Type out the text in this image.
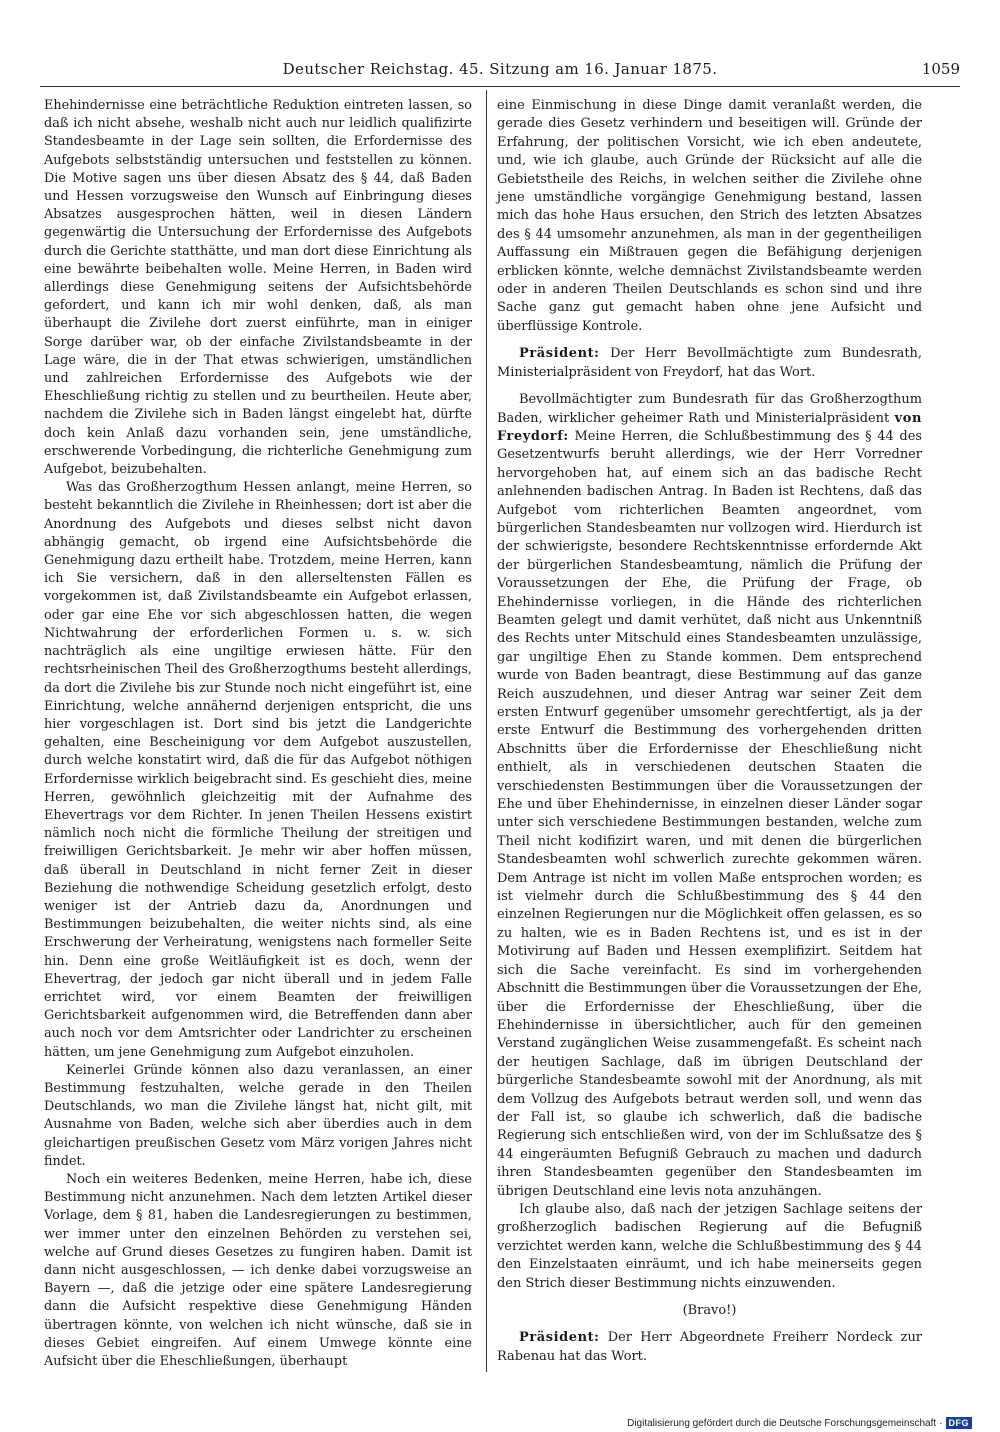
Deutscher Reichstag. 45. Sitzung am 16. Januar 1875.	1059

Ehehindernisse eine beträchtliche Reduktion eintreten lassen, so daß ich nicht absehe, weshalb nicht auch nur leidlich qualifizirte Standesbeamte in der Lage sein sollten, die Erfordernisse des Aufgebots selbstständig untersuchen und feststellen zu können. Die Motive sagen uns über diesen Absatz des § 44, daß Baden und Hessen vorzugsweise den Wunsch auf Einbringung dieses Absatzes ausgesprochen hätten, weil in diesen Ländern gegenwärtig die Untersuchung der Erfordernisse des Aufgebots durch die Gerichte statthätte, und man dort diese Einrichtung als eine bewährte beibehalten wolle. Meine Herren, in Baden wird allerdings diese Genehmigung seitens der Aufsichtsbehörde gefordert, und kann ich mir wohl denken, daß, als man überhaupt die Zivilehe dort zuerst einführte, man in einiger Sorge darüber war, ob der einfache Zivilstandsbeamte in der Lage wäre, die in der That etwas schwierigen, umständlichen und zahlreichen Erfordernisse des Aufgebots wie der Eheschließung richtig zu stellen und zu beurtheilen. Heute aber, nachdem die Zivilehe sich in Baden längst eingelebt hat, dürfte doch kein Anlaß dazu vorhanden sein, jene umständliche, erschwerende Vorbedingung, die richterliche Genehmigung zum Aufgebot, beizubehalten.

Was das Großherzogthum Hessen anlangt, meine Herren, so besteht bekanntlich die Zivilehe in Rheinhessen; dort ist aber die Anordnung des Aufgebots und dieses selbst nicht davon abhängig gemacht, ob irgend eine Aufsichtsbehörde die Genehmigung dazu ertheilt habe. Trotzdem, meine Herren, kann ich Sie versichern, daß in den allerseltensten Fällen es vorgekommen ist, daß Zivilstandsbeamte ein Aufgebot erlassen, oder gar eine Ehe vor sich abgeschlossen hatten, die wegen Nichtwahrung der erforderlichen Formen u. s. w. sich nachträglich als eine ungiltige erwiesen hätte. Für den rechtsrheinischen Theil des Großherzogthums besteht allerdings, da dort die Zivilehe bis zur Stunde noch nicht eingeführt ist, eine Einrichtung, welche annähernd derjenigen entspricht, die uns hier vorgeschlagen ist. Dort sind bis jetzt die Landgerichte gehalten, eine Bescheinigung vor dem Aufgebot auszustellen, durch welche konstatirt wird, daß die für das Aufgebot nöthigen Erfordernisse wirklich beigebracht sind. Es geschieht dies, meine Herren, gewöhnlich gleichzeitig mit der Aufnahme des Ehevertrags vor dem Richter. In jenen Theilen Hessens existirt nämlich noch nicht die förmliche Theilung der streitigen und freiwilligen Gerichtsbarkeit. Je mehr wir aber hoffen müssen, daß überall in Deutschland in nicht ferner Zeit in dieser Beziehung die nothwendige Scheidung gesetzlich erfolgt, desto weniger ist der Antrieb dazu da, Anordnungen und Bestimmungen beizubehalten, die weiter nichts sind, als eine Erschwerung der Verheiratung, wenigstens nach formeller Seite hin. Denn eine große Weitläufigkeit ist es doch, wenn der Ehevertrag, der jedoch gar nicht überall und in jedem Falle errichtet wird, vor einem Beamten der freiwilligen Gerichtsbarkeit aufgenommen wird, die Betreffenden dann aber auch noch vor dem Amtsrichter oder Landrichter zu erscheinen hätten, um jene Genehmigung zum Aufgebot einzuholen.

Keinerlei Gründe können also dazu veranlassen, an einer Bestimmung festzuhalten, welche gerade in den Theilen Deutschlands, wo man die Zivilehe längst hat, nicht gilt, mit Ausnahme von Baden, welche sich aber überdies auch in dem gleichartigen preußischen Gesetz vom März vorigen Jahres nicht findet.

Noch ein weiteres Bedenken, meine Herren, habe ich, diese Bestimmung nicht anzunehmen. Nach dem letzten Artikel dieser Vorlage, dem § 81, haben die Landesregierungen zu bestimmen, wer immer unter den einzelnen Behörden zu verstehen sei, welche auf Grund dieses Gesetzes zu fungiren haben. Damit ist dann nicht ausgeschlossen, — ich denke dabei vorzugsweise an Bayern —, daß die jetzige oder eine spätere Landesregierung dann die Aufsicht respektive diese Genehmigung Händen übertragen könnte, von welchen ich nicht wünsche, daß sie in dieses Gebiet eingreifen. Auf einem Umwege könnte eine Aufsicht über die Eheschließungen, überhaupt

eine Einmischung in diese Dinge damit veranlaßt werden, die gerade dies Gesetz verhindern und beseitigen will. Gründe der Erfahrung, der politischen Vorsicht, wie ich eben andeutete, und, wie ich glaube, auch Gründe der Rücksicht auf alle die Gebietstheile des Reichs, in welchen seither die Zivilehe ohne jene umständliche vorgängige Genehmigung bestand, lassen mich das hohe Haus ersuchen, den Strich des letzten Absatzes des § 44 umsomehr anzunehmen, als man in der gegentheiligen Auffassung ein Mißtrauen gegen die Befähigung derjenigen erblicken könnte, welche demnächst Zivilstandsbeamte werden oder in anderen Theilen Deutschlands es schon sind und ihre Sache ganz gut gemacht haben ohne jene Aufsicht und überflüssige Kontrole.

Präsident: Der Herr Bevollmächtigte zum Bundesrath, Ministerialpräsident von Freydorf, hat das Wort.

Bevollmächtigter zum Bundesrath für das Großherzogthum Baden, wirklicher geheimer Rath und Ministerialpräsident von Freydorf: Meine Herren, die Schlußbestimmung des § 44 des Gesetzentwurfs beruht allerdings, wie der Herr Vorredner hervorgehoben hat, auf einem sich an das badische Recht anlehnenden badischen Antrag. In Baden ist Rechtens, daß das Aufgebot vom richterlichen Beamten angeordnet, vom bürgerlichen Standesbeamten nur vollzogen wird. Hierdurch ist der schwierigste, besondere Rechtskenntnisse erfordernde Akt der bürgerlichen Standesbeamtung, nämlich die Prüfung der Voraussetzungen der Ehe, die Prüfung der Frage, ob Ehehindernisse vorliegen, in die Hände des richterlichen Beamten gelegt und damit verhütet, daß nicht aus Unkenntniß des Rechts unter Mitschuld eines Standesbeamten unzulässige, gar ungiltige Ehen zu Stande kommen. Dem entsprechend wurde von Baden beantragt, diese Bestimmung auf das ganze Reich auszudehnen, und dieser Antrag war seiner Zeit dem ersten Entwurf gegenüber umsomehr gerechtfertigt, als ja der erste Entwurf die Bestimmung des vorhergehenden dritten Abschnitts über die Erfordernisse der Eheschließung nicht enthielt, als in verschiedenen deutschen Staaten die verschiedensten Bestimmungen über die Voraussetzungen der Ehe und über Ehehindernisse, in einzelnen dieser Länder sogar unter sich verschiedene Bestimmungen bestanden, welche zum Theil nicht kodifizirt waren, und mit denen die bürgerlichen Standesbeamten wohl schwerlich zurechte gekommen wären. Dem Antrage ist nicht im vollen Maße entsprochen worden; es ist vielmehr durch die Schlußbestimmung des § 44 den einzelnen Regierungen nur die Möglichkeit offen gelassen, es so zu halten, wie es in Baden Rechtens ist, und es ist in der Motivirung auf Baden und Hessen exemplifizirt. Seitdem hat sich die Sache vereinfacht. Es sind im vorhergehenden Abschnitt die Bestimmungen über die Voraussetzungen der Ehe, über die Erfordernisse der Eheschließung, über die Ehehindernisse in übersichtlicher, auch für den gemeinen Verstand zugänglichen Weise zusammengefaßt. Es scheint nach der heutigen Sachlage, daß im übrigen Deutschland der bürgerliche Standesbeamte sowohl mit der Anordnung, als mit dem Vollzug des Aufgebots betraut werden soll, und wenn das der Fall ist, so glaube ich schwerlich, daß die badische Regierung sich entschließen wird, von der im Schlußsatze des § 44 eingeräumten Befugniß Gebrauch zu machen und dadurch ihren Standesbeamten gegenüber den Standesbeamten im übrigen Deutschland eine levis nota anzuhängen.

Ich glaube also, daß nach der jetzigen Sachlage seitens der großherzoglich badischen Regierung auf die Befugniß verzichtet werden kann, welche die Schlußbestimmung des § 44 den Einzelstaaten einräumt, und ich habe meinerseits gegen den Strich dieser Bestimmung nichts einzuwenden.

(Bravo!)

Präsident: Der Herr Abgeordnete Freiherr Nordeck zur Rabenau hat das Wort.

Digitalisierung gefördert durch die Deutsche Forschungsgemeinschaft · DFG
